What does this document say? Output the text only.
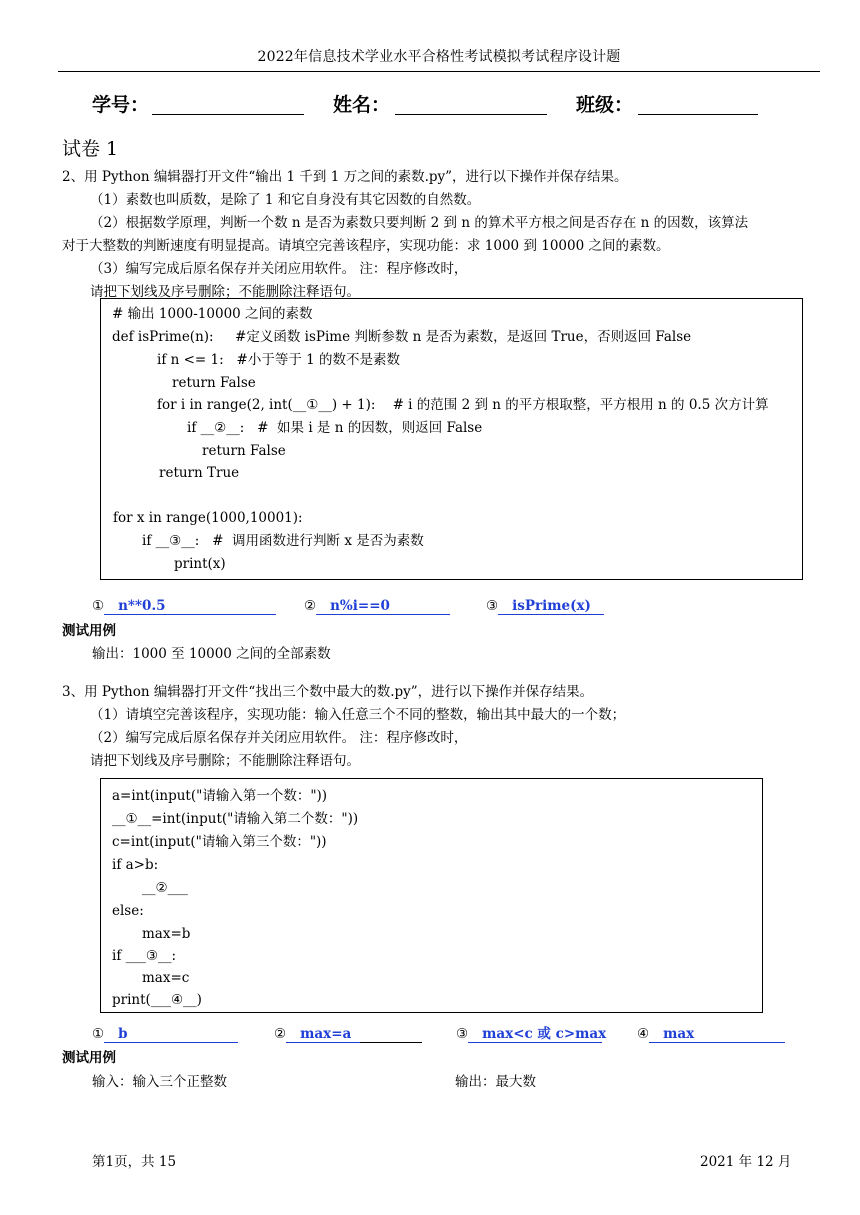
2022年信息技术学业水平合格性考试模拟考试程序设计题
学号：	姓名：	班级：
试卷 1
2、用 Python 编辑器打开文件“输出 1 千到 1 万之间的素数.py”，进行以下操作并保存结果。
（1）素数也叫质数，是除了 1 和它自身没有其它因数的自然数。
（2）根据数学原理，判断一个数 n 是否为素数只要判断 2 到 n 的算术平方根之间是否存在 n 的因数，该算法
对于大整数的判断速度有明显提高。请填空完善该程序，实现功能：求 1000 到 10000 之间的素数。
（3）编写完成后原名保存并关闭应用软件。 注：程序修改时，
请把下划线及序号删除；不能删除注释语句。
# 输出 1000-10000 之间的素数
def isPrime(n):     #定义函数 isPime 判断参数 n 是否为素数，是返回 True，否则返回 False
if n <= 1:   #小于等于 1 的数不是素数
return False
for i in range(2, int(__①__) + 1):    # i 的范围 2 到 n 的平方根取整，平方根用 n 的 0.5 次方计算
if __②__:   #  如果 i 是 n 的因数，则返回 False
return False
return True
for x in range(1000,10001):
if __③__:   #  调用函数进行判断 x 是否为素数
print(x)
① n**0.5	② n%i==0	③ isPrime(x)
测试用例
输出：1000 至 10000 之间的全部素数
3、用 Python 编辑器打开文件“找出三个数中最大的数.py”，进行以下操作并保存结果。
（1）请填空完善该程序，实现功能：输入任意三个不同的整数，输出其中最大的一个数；
（2）编写完成后原名保存并关闭应用软件。 注：程序修改时，
请把下划线及序号删除；不能删除注释语句。
a=int(input("请输入第一个数："))
__①__=int(input("请输入第二个数："))
c=int(input("请输入第三个数："))
if a>b:
__②___
else:
max=b
if ___③__:
max=c
print(___④__)
① b	② max=a	③ max<c 或 c>max ④ max
测试用例
输入：输入三个正整数	输出：最大数
第1页，共 15	2021 年 12 月
